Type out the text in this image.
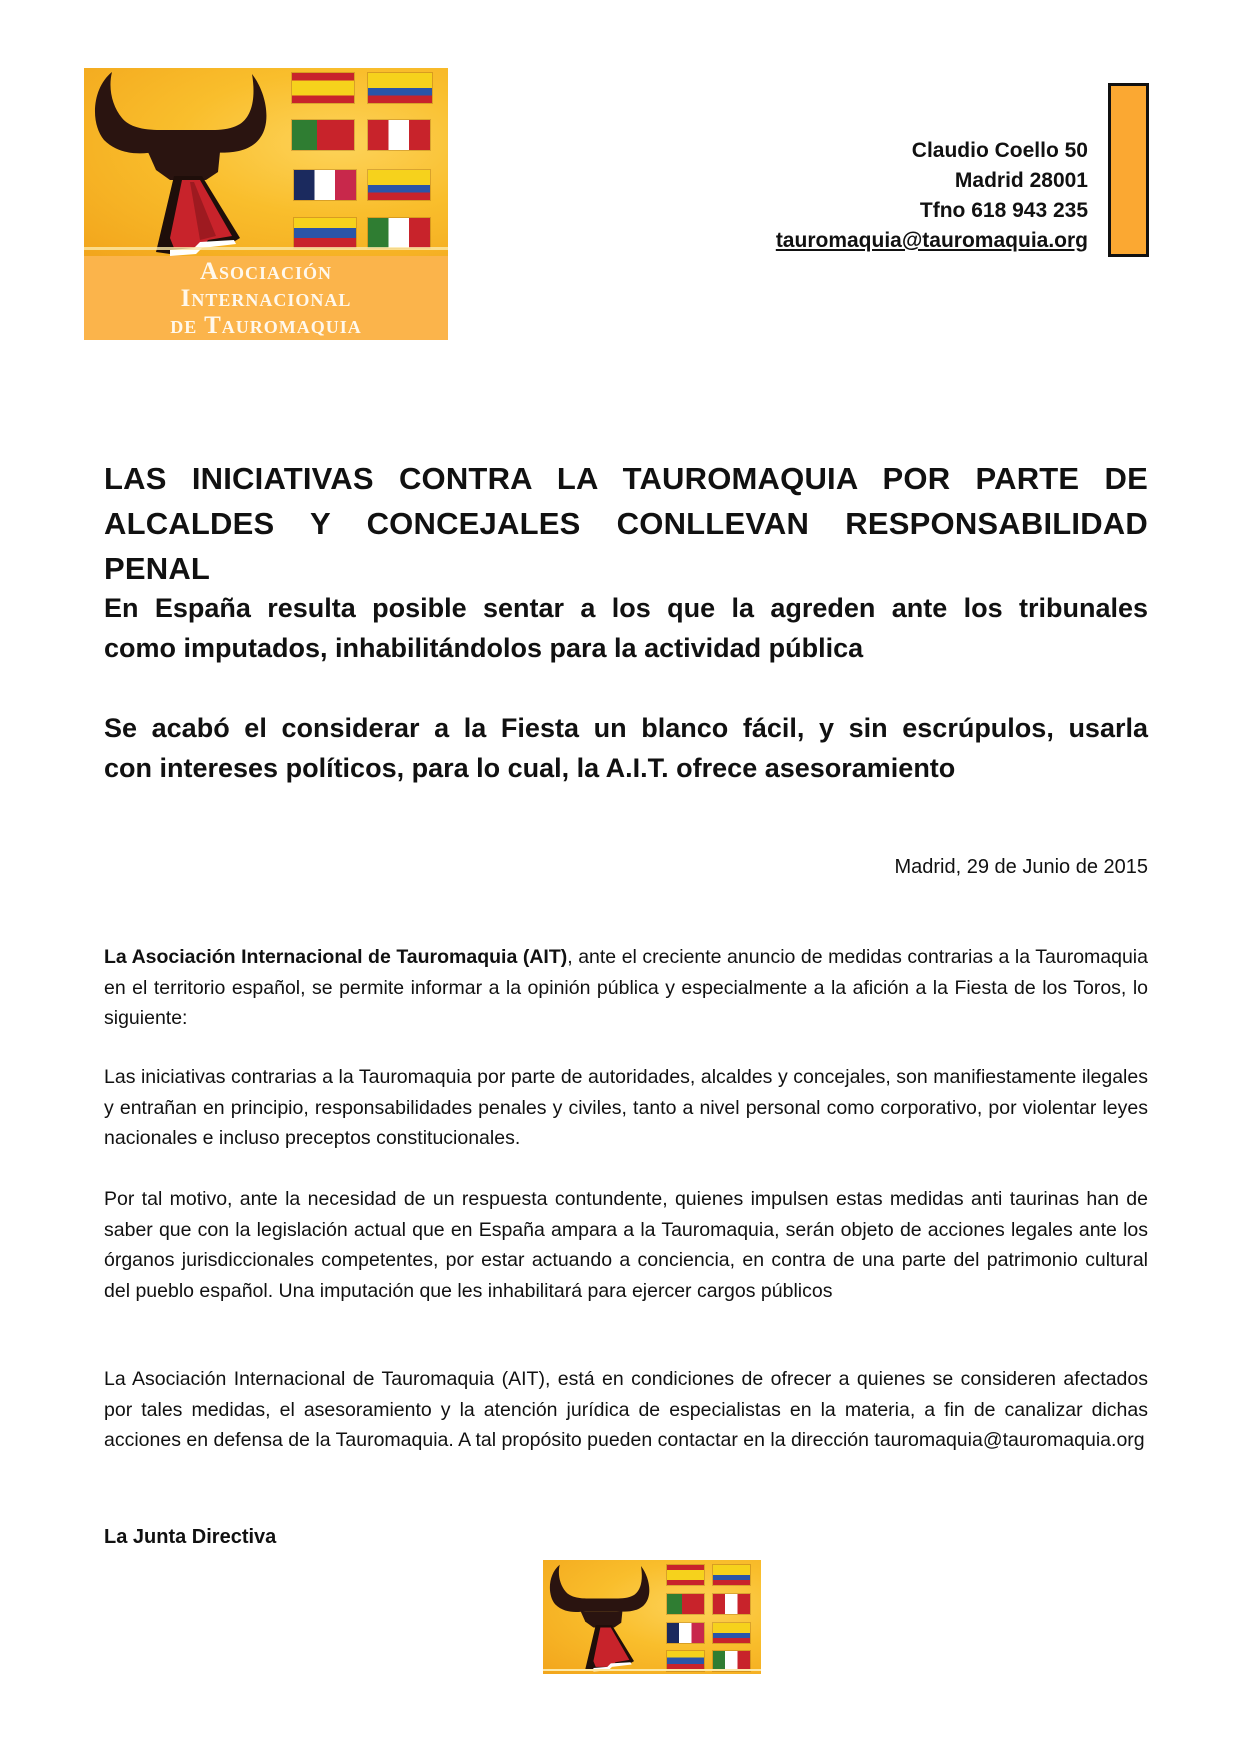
Asociación
Internacional
de Tauromaquia
Claudio Coello 50
Madrid 28001
Tfno 618 943 235
tauromaquia@tauromaquia.org
LAS INICIATIVAS CONTRA LA TAUROMAQUIA POR PARTE DE
ALCALDES Y CONCEJALES CONLLEVAN RESPONSABILIDAD PENAL
En España resulta posible sentar a los que la agreden ante los tribunales
como imputados, inhabilitándolos para la actividad pública
Se acabó el considerar a la Fiesta un blanco fácil, y sin escrúpulos, usarla
con intereses políticos, para lo cual, la A.I.T. ofrece asesoramiento
Madrid, 29 de Junio de 2015
La Asociación Internacional de Tauromaquia (AIT), ante el creciente anuncio de medidas contrarias a la Tauromaquia en el territorio español, se permite informar a la opinión pública y especialmente a la afición a la Fiesta de los Toros, lo siguiente:
Las iniciativas contrarias a la Tauromaquia por parte de autoridades, alcaldes y concejales, son manifiestamente ilegales y entrañan en principio, responsabilidades penales y civiles, tanto a nivel personal como corporativo, por violentar leyes nacionales e incluso preceptos constitucionales.
Por tal motivo, ante la necesidad de un respuesta contundente, quienes impulsen estas medidas anti taurinas han de saber que con la legislación actual que en España ampara a la Tauromaquia, serán objeto de acciones legales ante los órganos jurisdiccionales competentes, por estar actuando a conciencia, en contra de una parte del patrimonio cultural del pueblo español. Una imputación que les inhabilitará para ejercer cargos públicos
La Asociación Internacional de Tauromaquia (AIT), está en condiciones de ofrecer a quienes se consideren afectados por tales medidas, el asesoramiento y la atención jurídica de especialistas en la materia, a fin de canalizar dichas acciones en defensa de la Tauromaquia. A tal propósito pueden contactar en la dirección tauromaquia@tauromaquia.org
La Junta Directiva
